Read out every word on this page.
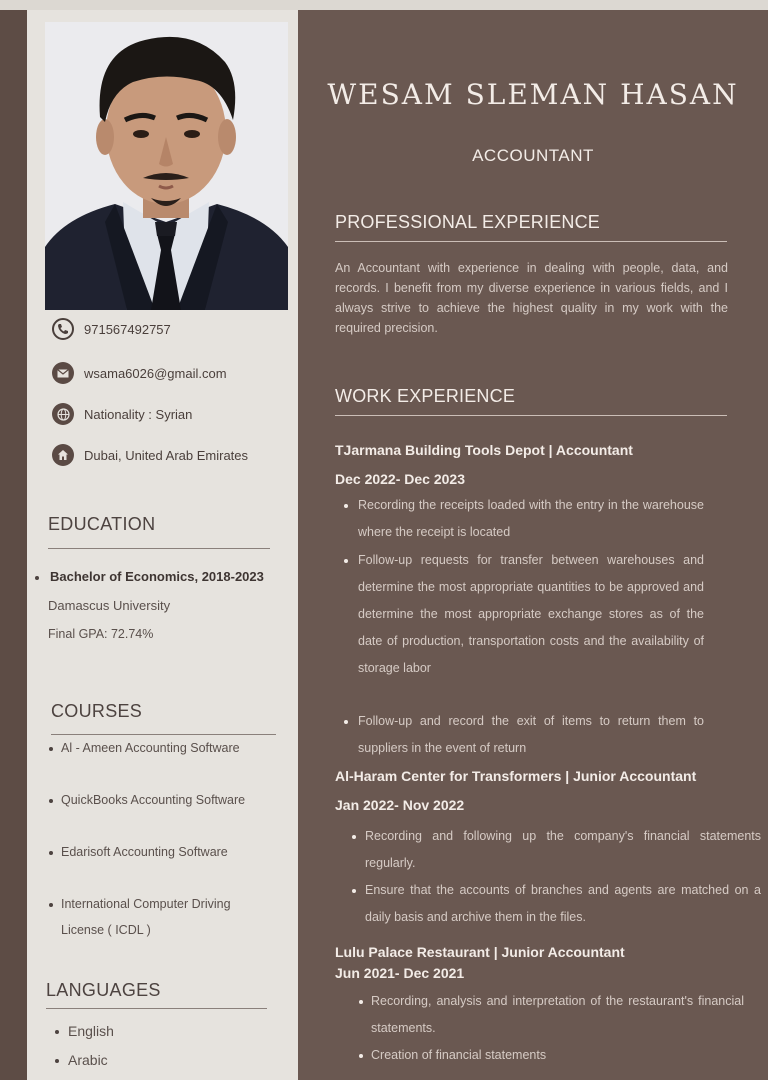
971567492757
wsama6026@gmail.com
Nationality : Syrian
Dubai, United Arab Emirates
EDUCATION
Bachelor of Economics, 2018-2023
Damascus University
Final GPA: 72.74%
COURSES
Al - Ameen Accounting Software
QuickBooks Accounting Software
Edarisoft Accounting Software
International Computer Driving
License ( ICDL )
LANGUAGES
English
Arabic
WESAM SLEMAN HASAN
ACCOUNTANT
PROFESSIONAL EXPERIENCE
An Accountant with experience in dealing with people, data, and records. I benefit from my diverse experience in various fields, and I always strive to achieve the highest quality in my work with the required precision.
WORK EXPERIENCE
TJarmana Building Tools Depot | Accountant
Dec 2022- Dec 2023
Recording the receipts loaded with the entry in the warehouse where the receipt is located
Follow-up requests for transfer between warehouses and determine the most appropriate quantities to be approved and determine the most appropriate exchange stores as of the date of production, transportation costs and the availability of storage labor
Follow-up and record the exit of items to return them to suppliers in the event of return
Al-Haram Center for Transformers | Junior Accountant
Jan 2022- Nov 2022
Recording and following up the company's financial statements regularly.
Ensure that the accounts of branches and agents are matched on a daily basis and archive them in the files.
Lulu Palace Restaurant | Junior Accountant
Jun 2021- Dec 2021
Recording, analysis and interpretation of the restaurant's financial statements.
Creation of financial statements
